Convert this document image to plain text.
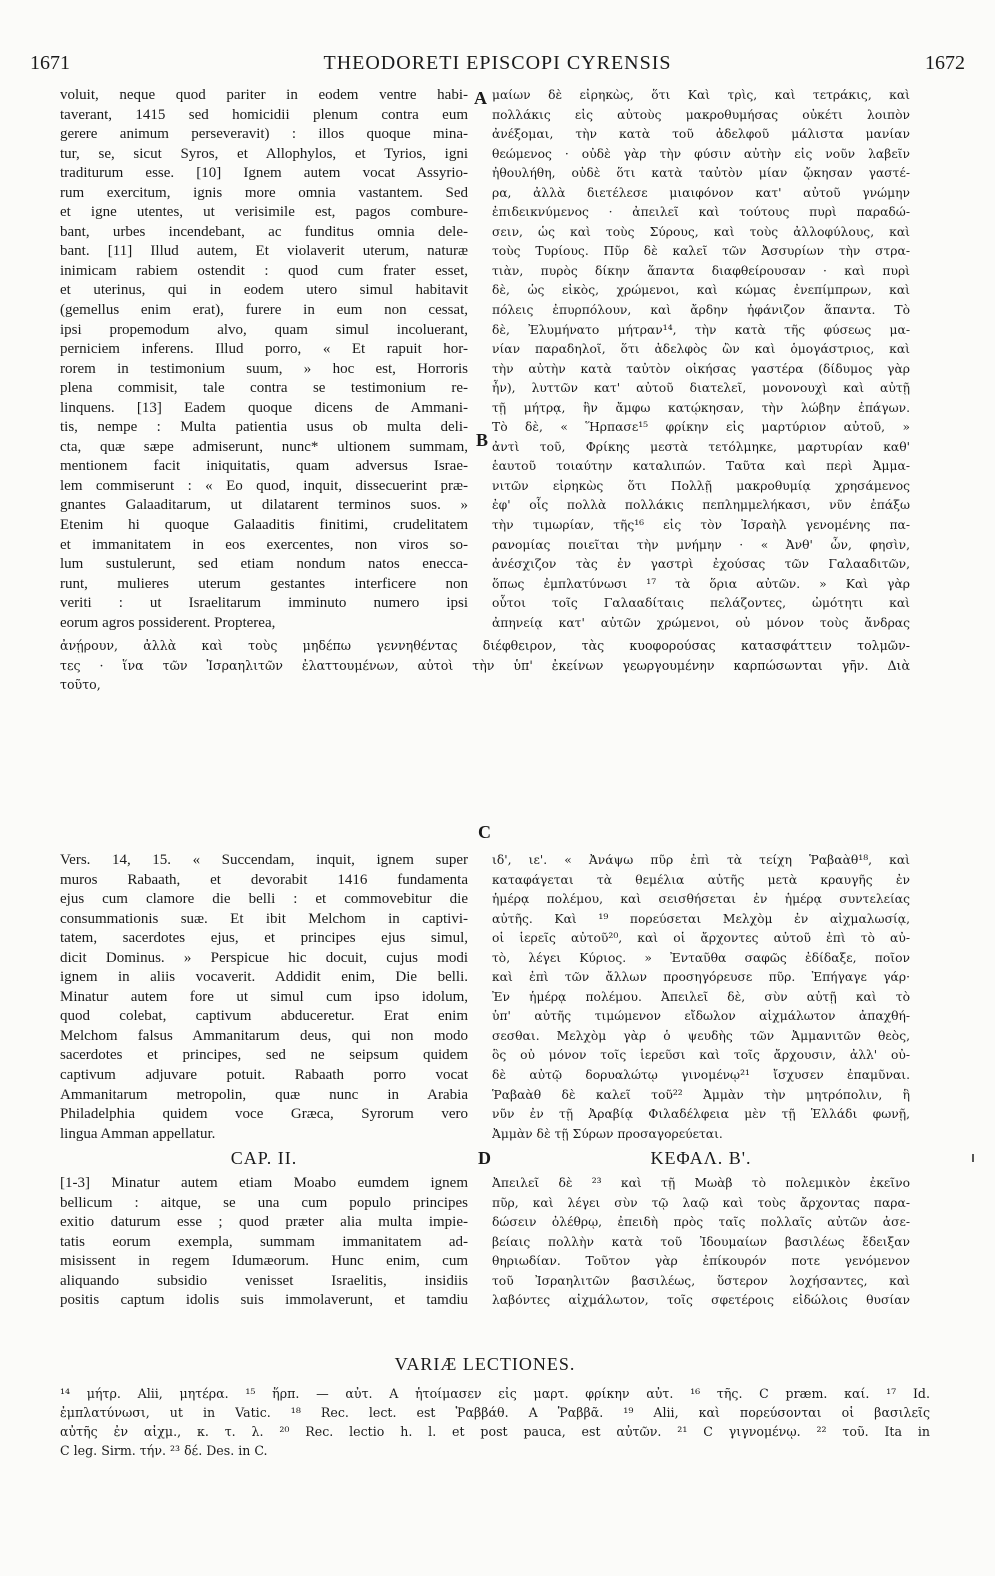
1671	THEODORETI EPISCOPI CYRENSIS	1672
voluit, neque quod pariter in eodem ventre habi-
taverant, 1415 sed homicidii plenum contra eum
gerere animum perseveravit) : illos quoque mina-
tur, se, sicut Syros, et Allophylos, et Tyrios, igni
traditurum esse. [10] Ignem autem vocat Assyrio-
rum exercitum, ignis more omnia vastantem. Sed
et igne utentes, ut verisimile est, pagos combure-
bant, urbes incendebant, ac funditus omnia dele-
bant. [11] Illud autem, Et violaverit uterum, naturæ
inimicam rabiem ostendit : quod cum frater esset,
et uterinus, qui in eodem utero simul habitavit
(gemellus enim erat), furere in eum non cessat,
ipsi propemodum alvo, quam simul incoluerant,
perniciem inferens. Illud porro, « Et rapuit hor-
rorem in testimonium suum, » hoc est, Horroris
plena commisit, tale contra se testimonium re-
linquens. [13] Eadem quoque dicens de Ammani-
tis, nempe : Multa patientia usus ob multa deli-
cta, quæ sæpe admiserunt, nunc* ultionem summam,
mentionem facit iniquitatis, quam adversus Israe-
lem commiserunt : « Eo quod, inquit, dissecuerint præ-
gnantes Galaaditarum, ut dilatarent terminos suos. »
Etenim hi quoque Galaaditis finitimi, crudelitatem
et immanitatem in eos exercentes, non viros so-
lum sustulerunt, sed etiam nondum natos enecca-
runt, mulieres uterum gestantes interficere non
veriti : ut Israelitarum imminuto numero ipsi
eorum agros possiderent. Propterea,
μαίων δὲ εἰρηκὼς, ὅτι Καὶ τρὶς, καὶ τετράκις, καὶ
πολλάκις εἰς αὐτοὺς μακροθυμήσας οὐκέτι λοιπὸν
ἀνέξομαι, τὴν κατὰ τοῦ ἀδελφοῦ μάλιστα μανίαν
θεώμενος · οὐδὲ γὰρ τὴν φύσιν αὐτὴν εἰς νοῦν λαβεῖν
ἠθουλήθη, οὐδὲ ὅτι κατὰ ταὐτὸν μίαν ᾤκησαν γαστέ-
ρα, ἀλλὰ διετέλεσε μιαιφόνον κατ' αὐτοῦ γνώμην
ἐπιδεικνύμενος · ἀπειλεῖ καὶ τούτους πυρὶ παραδώ-
σειν, ὡς καὶ τοὺς Σύρους, καὶ τοὺς ἀλλοφύλους, καὶ
τοὺς Τυρίους. Πῦρ δὲ καλεῖ τῶν Ἀσσυρίων τὴν στρα-
τιὰν, πυρὸς δίκην ἅπαντα διαφθείρουσαν · καὶ πυρὶ
δὲ, ὡς εἰκὸς, χρώμενοι, καὶ κώμας ἐνεπίμπρων, καὶ
πόλεις ἐπυρπόλουν, καὶ ἄρδην ἠφάνιζον ἅπαντα. Τὸ
δὲ, Ἐλυμήνατο μήτραν¹⁴, τὴν κατὰ τῆς φύσεως μα-
νίαν παραδηλοῖ, ὅτι ἀδελφὸς ὢν καὶ ὁμογάστριος, καὶ
τὴν αὐτὴν κατὰ ταὐτὸν οἰκήσας γαστέρα (δίδυμος γὰρ
ἦν), λυττῶν κατ' αὐτοῦ διατελεῖ, μονονουχὶ καὶ αὐτῇ
τῇ μήτρᾳ, ἣν ἄμφω κατῴκησαν, τὴν λώβην ἐπάγων.
Τὸ δὲ, « Ἥρπασε¹⁵ φρίκην εἰς μαρτύριον αὐτοῦ, »
ἀντὶ τοῦ, Φρίκης μεστὰ τετόλμηκε, μαρτυρίαν καθ'
ἑαυτοῦ τοιαύτην καταλιπών. Ταῦτα καὶ περὶ Ἀμμα-
νιτῶν εἰρηκὼς ὅτι Πολλῇ μακροθυμίᾳ χρησάμενος
ἐφ' οἷς πολλὰ πολλάκις πεπλημμελήκασι, νῦν ἐπάξω
τὴν τιμωρίαν, τῆς¹⁶ εἰς τὸν Ἰσραὴλ γενομένης πα-
ρανομίας ποιεῖται τὴν μνήμην · « Ἀνθ' ὧν, φησὶν,
ἀνέσχιζον τὰς ἐν γαστρὶ ἐχούσας τῶν Γαλααδιτῶν,
ὅπως ἐμπλατύνωσι ¹⁷ τὰ ὅρια αὐτῶν. » Καὶ γὰρ
οὗτοι τοῖς Γαλααδίταις πελάζοντες, ὠμότητι καὶ
ἀπηνείᾳ κατ' αὐτῶν χρώμενοι, οὐ μόνον τοὺς ἄνδρας
ἀνῄρουν, ἀλλὰ καὶ τοὺς μηδέπω γεννηθέντας διέφθειρον, τὰς κυοφορούσας κατασφάττειν τολμῶν-
τες · ἵνα τῶν Ἰσραηλιτῶν ἐλαττουμένων, αὐτοὶ τὴν ὑπ' ἐκείνων γεωργουμένην καρπώσωνται γῆν. Διὰ
τοῦτο,
Vers. 14, 15. « Succendam, inquit, ignem super
muros Rabaath, et devorabit 1416 fundamenta
ejus cum clamore die belli : et commovebitur die
consummationis suæ. Et ibit Melchom in captivi-
tatem, sacerdotes ejus, et principes ejus simul,
dicit Dominus. » Perspicue hic docuit, cujus modi
ignem in aliis vocaverit. Addidit enim, Die belli.
Minatur autem fore ut simul cum ipso idolum,
quod colebat, captivum abduceretur. Erat enim
Melchom falsus Ammanitarum deus, qui non modo
sacerdotes et principes, sed ne seipsum quidem
captivum adjuvare potuit. Rabaath porro vocat
Ammanitarum metropolin, quæ nunc in Arabia
Philadelphia quidem voce Græca, Syrorum vero
lingua Amman appellatur.
ιδ', ιε'. « Ἀνάψω πῦρ ἐπὶ τὰ τείχη Ῥαβαὰθ¹⁸, καὶ
καταφάγεται τὰ θεμέλια αὐτῆς μετὰ κραυγῆς ἐν
ἡμέρᾳ πολέμου, καὶ σεισθήσεται ἐν ἡμέρᾳ συντελείας
αὐτῆς. Καὶ ¹⁹ πορεύσεται Μελχὸμ ἐν αἰχμαλωσίᾳ,
οἱ ἱερεῖς αὐτοῦ²⁰, καὶ οἱ ἄρχοντες αὐτοῦ ἐπὶ τὸ αὐ-
τὸ, λέγει Κύριος. » Ἐνταῦθα σαφῶς ἐδίδαξε, ποῖον
καὶ ἐπὶ τῶν ἄλλων προσηγόρευσε πῦρ. Ἐπήγαγε γάρ·
Ἐν ἡμέρᾳ πολέμου. Ἀπειλεῖ δὲ, σὺν αὐτῇ καὶ τὸ
ὑπ' αὐτῆς τιμώμενον εἴδωλον αἰχμάλωτον ἀπαχθή-
σεσθαι. Μελχὸμ γὰρ ὁ ψευδὴς τῶν Ἀμμανιτῶν θεὸς,
ὃς οὐ μόνον τοῖς ἱερεῦσι καὶ τοῖς ἄρχουσιν, ἀλλ' οὐ-
δὲ αὐτῷ δορυαλώτῳ γινομένῳ²¹ ἴσχυσεν ἐπαμῦναι.
Ῥαβαὰθ δὲ καλεῖ τοῦ²² Ἀμμὰν τὴν μητρόπολιν, ἣ
νῦν ἐν τῇ Ἀραβίᾳ Φιλαδέλφεια μὲν τῇ Ἑλλάδι φωνῇ,
Ἀμμὰν δὲ τῇ Σύρων προσαγορεύεται.
CAP. II.	ΚΕΦΑΛ. Β'.
[1-3] Minatur autem etiam Moabo eumdem ignem
bellicum : aitque, se una cum populo principes
exitio daturum esse ; quod præter alia multa impie-
tatis eorum exempla, summam immanitatem ad-
misissent in regem Idumæorum. Hunc enim, cum
aliquando subsidio venisset Israelitis, insidiis
positis captum idolis suis immolaverunt, et tamdiu
Ἀπειλεῖ δὲ ²³ καὶ τῇ Μωὰβ τὸ πολεμικὸν ἐκεῖνο
πῦρ, καὶ λέγει σὺν τῷ λαῷ καὶ τοὺς ἄρχοντας παρα-
δώσειν ὀλέθρῳ, ἐπειδὴ πρὸς ταῖς πολλαῖς αὐτῶν ἀσε-
βείαις πολλὴν κατὰ τοῦ Ἰδουμαίων βασιλέως ἔδειξαν
θηριωδίαν. Τοῦτον γὰρ ἐπίκουρόν ποτε γενόμενον
τοῦ Ἰσραηλιτῶν βασιλέως, ὕστερον λοχήσαντες, καὶ
λαβόντες αἰχμάλωτον, τοῖς σφετέροις εἰδώλοις θυσίαν
A
B
C
D
VARIÆ LECTIONES.
¹⁴ μήτρ. Alii, μητέρα. ¹⁵ ἥρπ. — αὐτ. A ἡτοίμασεν εἰς μαρτ. φρίκην αὐτ. ¹⁶ τῆς. C præm. καί. ¹⁷ Id.
ἐμπλατύνωσι, ut in Vatic. ¹⁸ Rec. lect. est Ῥαββάθ. A Ῥαββᾶ. ¹⁹ Alii, καὶ πορεύσονται οἱ βασιλεῖς
αὐτῆς ἐν αἰχμ., κ. τ. λ. ²⁰ Rec. lectio h. l. et post pauca, est αὐτῶν. ²¹ C γιγνομένῳ. ²² τοῦ. Ita in
C leg. Sirm. τήν. ²³ δέ. Des. in C.
